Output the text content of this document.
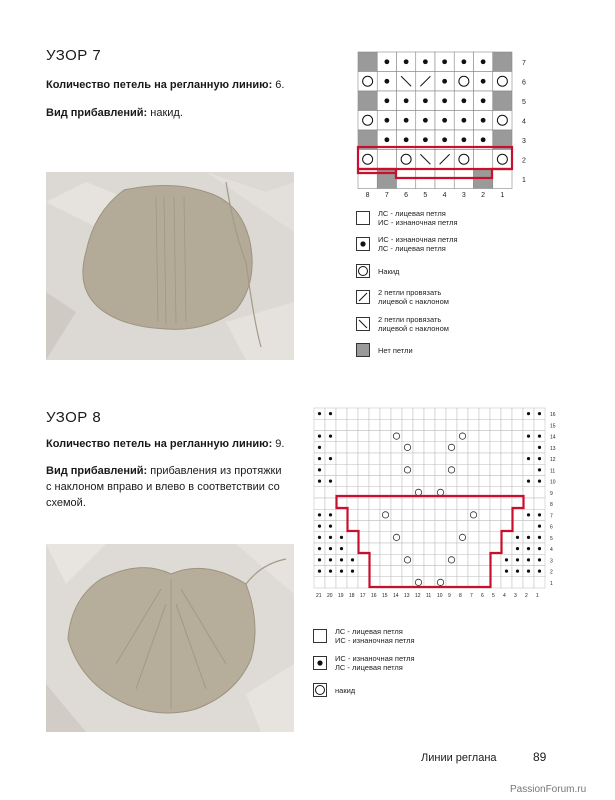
УЗОР 7
Количество петель на регланную линию: 6.
Вид прибавлений: накид.
7
6
5
4
3
2
1
8 7 6 5 4 3 2 1
ЛС - лицевая петля
ИС - изнаночная петля
ИС - изнаночная петля
ЛС - лицевая петля
Накид
2 петли провязать
лицевой с наклоном
2 петли провязать
лицевой с наклоном
Нет петли
УЗОР 8
Количество петель на регланную линию: 9.
Вид прибавлений: прибавления из протяжки с наклоном вправо и влево в соответствии со схемой.
16
15
14
13
12
11
10
9
8
7
6
5
4
3
2
1
21 20 19 18 17 16 15 14 13 12 11 10 9 8 7 6 5 4 3 2 1
ЛС - лицевая петля
ИС - изнаночная петля
ИС - изнаночная петля
ЛС - лицевая петля
накид
Линии реглана	89
PassionForum.ru
